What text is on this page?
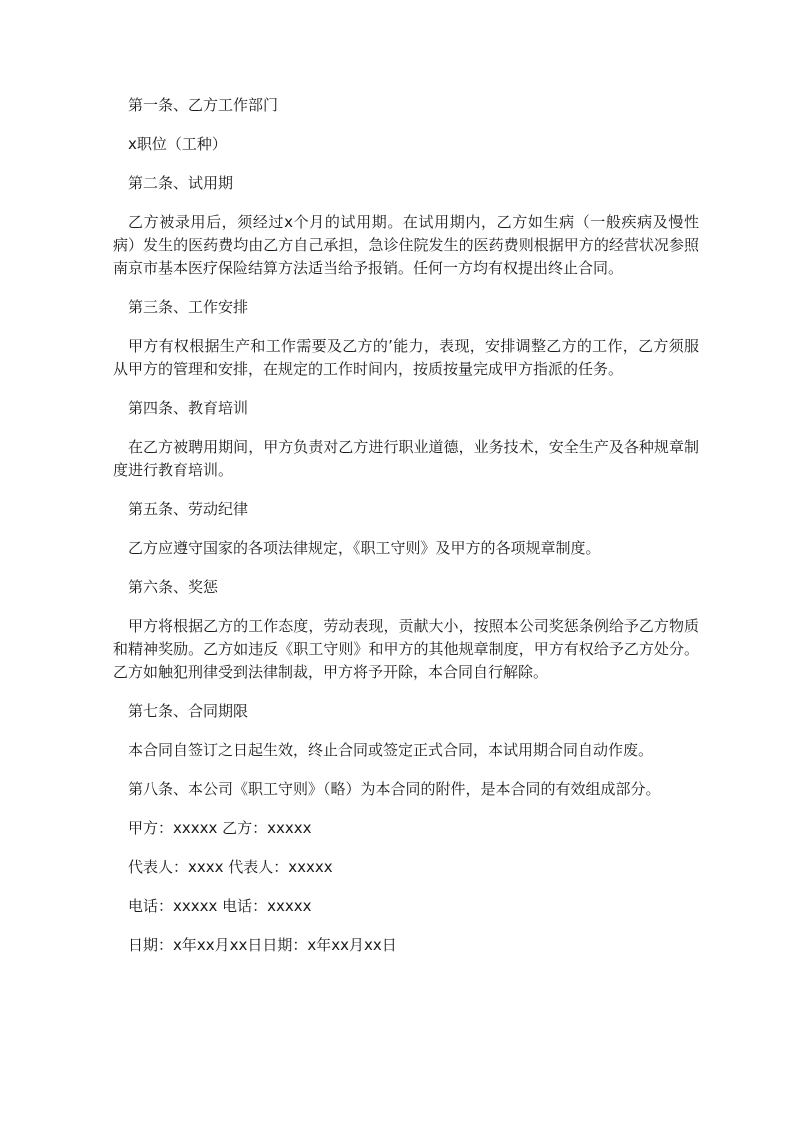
第一条、乙方工作部门

x职位（工种）

第二条、试用期

乙方被录用后，须经过x个月的试用期。在试用期内，乙方如生病（一般疾病及慢性病）发生的医药费均由乙方自己承担，急诊住院发生的医药费则根据甲方的经营状况参照南京市基本医疗保险结算方法适当给予报销。任何一方均有权提出终止合同。

第三条、工作安排

甲方有权根据生产和工作需要及乙方的’能力，表现，安排调整乙方的工作，乙方须服从甲方的管理和安排，在规定的工作时间内，按质按量完成甲方指派的任务。

第四条、教育培训

在乙方被聘用期间，甲方负责对乙方进行职业道德，业务技术，安全生产及各种规章制度进行教育培训。

第五条、劳动纪律

乙方应遵守国家的各项法律规定，《职工守则》及甲方的各项规章制度。

第六条、奖惩

甲方将根据乙方的工作态度，劳动表现，贡献大小，按照本公司奖惩条例给予乙方物质和精神奖励。乙方如违反《职工守则》和甲方的其他规章制度，甲方有权给予乙方处分。乙方如触犯刑律受到法律制裁，甲方将予开除，本合同自行解除。

第七条、合同期限

本合同自签订之日起生效，终止合同或签定正式合同，本试用期合同自动作废。

第八条、本公司《职工守则》（略）为本合同的附件，是本合同的有效组成部分。

甲方：xxxxx 乙方：xxxxx

代表人：xxxx 代表人：xxxxx

电话：xxxxx 电话：xxxxx

日期：x年xx月xx日日期：x年xx月xx日
